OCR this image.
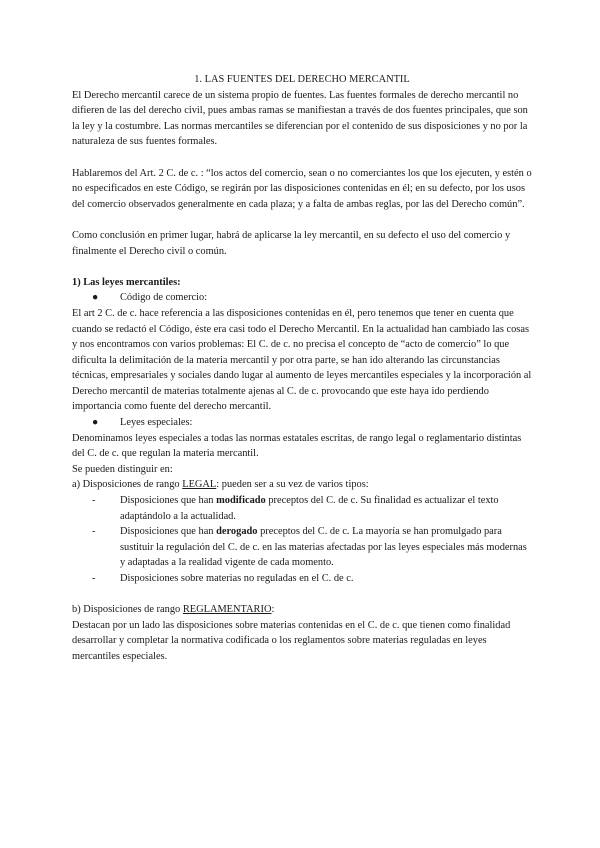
1. LAS FUENTES DEL DERECHO MERCANTIL

El Derecho mercantil carece de un sistema propio de fuentes. Las fuentes formales de derecho mercantil no difieren de las del derecho civil, pues ambas ramas se manifiestan a través de dos fuentes principales, que son la ley y la costumbre. Las normas mercantiles se diferencian por el contenido de sus disposiciones y no por la naturaleza de sus fuentes formales.

Hablaremos del Art. 2 C. de c. : “los actos del comercio, sean o no comerciantes los que los ejecuten, y estén o no especificados en este Código, se regirán por las disposiciones contenidas en él; en su defecto, por los usos del comercio observados generalmente en cada plaza; y a falta de ambas reglas, por las del Derecho común”.

Como conclusión en primer lugar, habrá de aplicarse la ley mercantil, en su defecto el uso del comercio y finalmente el Derecho civil o común.

1) Las leyes mercantiles:

●	Código de comercio:

El art 2 C. de c. hace referencia a las disposiciones contenidas en él, pero tenemos que tener en cuenta que cuando se redactó el Código, éste era casi todo el Derecho Mercantil. En la actualidad han cambiado las cosas y nos encontramos con varios problemas: El C. de c. no precisa el concepto de “acto de comercio” lo que dificulta la delimitación de la materia mercantil y por otra parte, se han ido alterando las circunstancias técnicas, empresariales y sociales dando lugar al aumento de leyes mercantiles especiales y la incorporación al Derecho mercantil de materias totalmente ajenas al C. de c. provocando que este haya ido perdiendo importancia como fuente del derecho mercantil.

●	Leyes especiales:

Denominamos leyes especiales a todas las normas estatales escritas, de rango legal o reglamentario distintas del C. de c. que regulan la materia mercantil.

Se pueden distinguir en:

a) Disposiciones de rango LEGAL: pueden ser a su vez de varios tipos:

-	Disposiciones que han modificado preceptos del C. de c. Su finalidad es actualizar el texto adaptándolo a la actualidad.
-	Disposiciones que han derogado preceptos del C. de c. La mayoría se han promulgado para sustituir la regulación del C. de c. en las materias afectadas por las leyes especiales más modernas y adaptadas a la realidad vigente de cada momento.
-	Disposiciones sobre materias no reguladas en el C. de c.

b) Disposiciones de rango REGLAMENTARIO:

Destacan por un lado las disposiciones sobre materias contenidas en el C. de c. que tienen como finalidad desarrollar y completar la normativa codificada o los reglamentos sobre materias reguladas en leyes mercantiles especiales.
